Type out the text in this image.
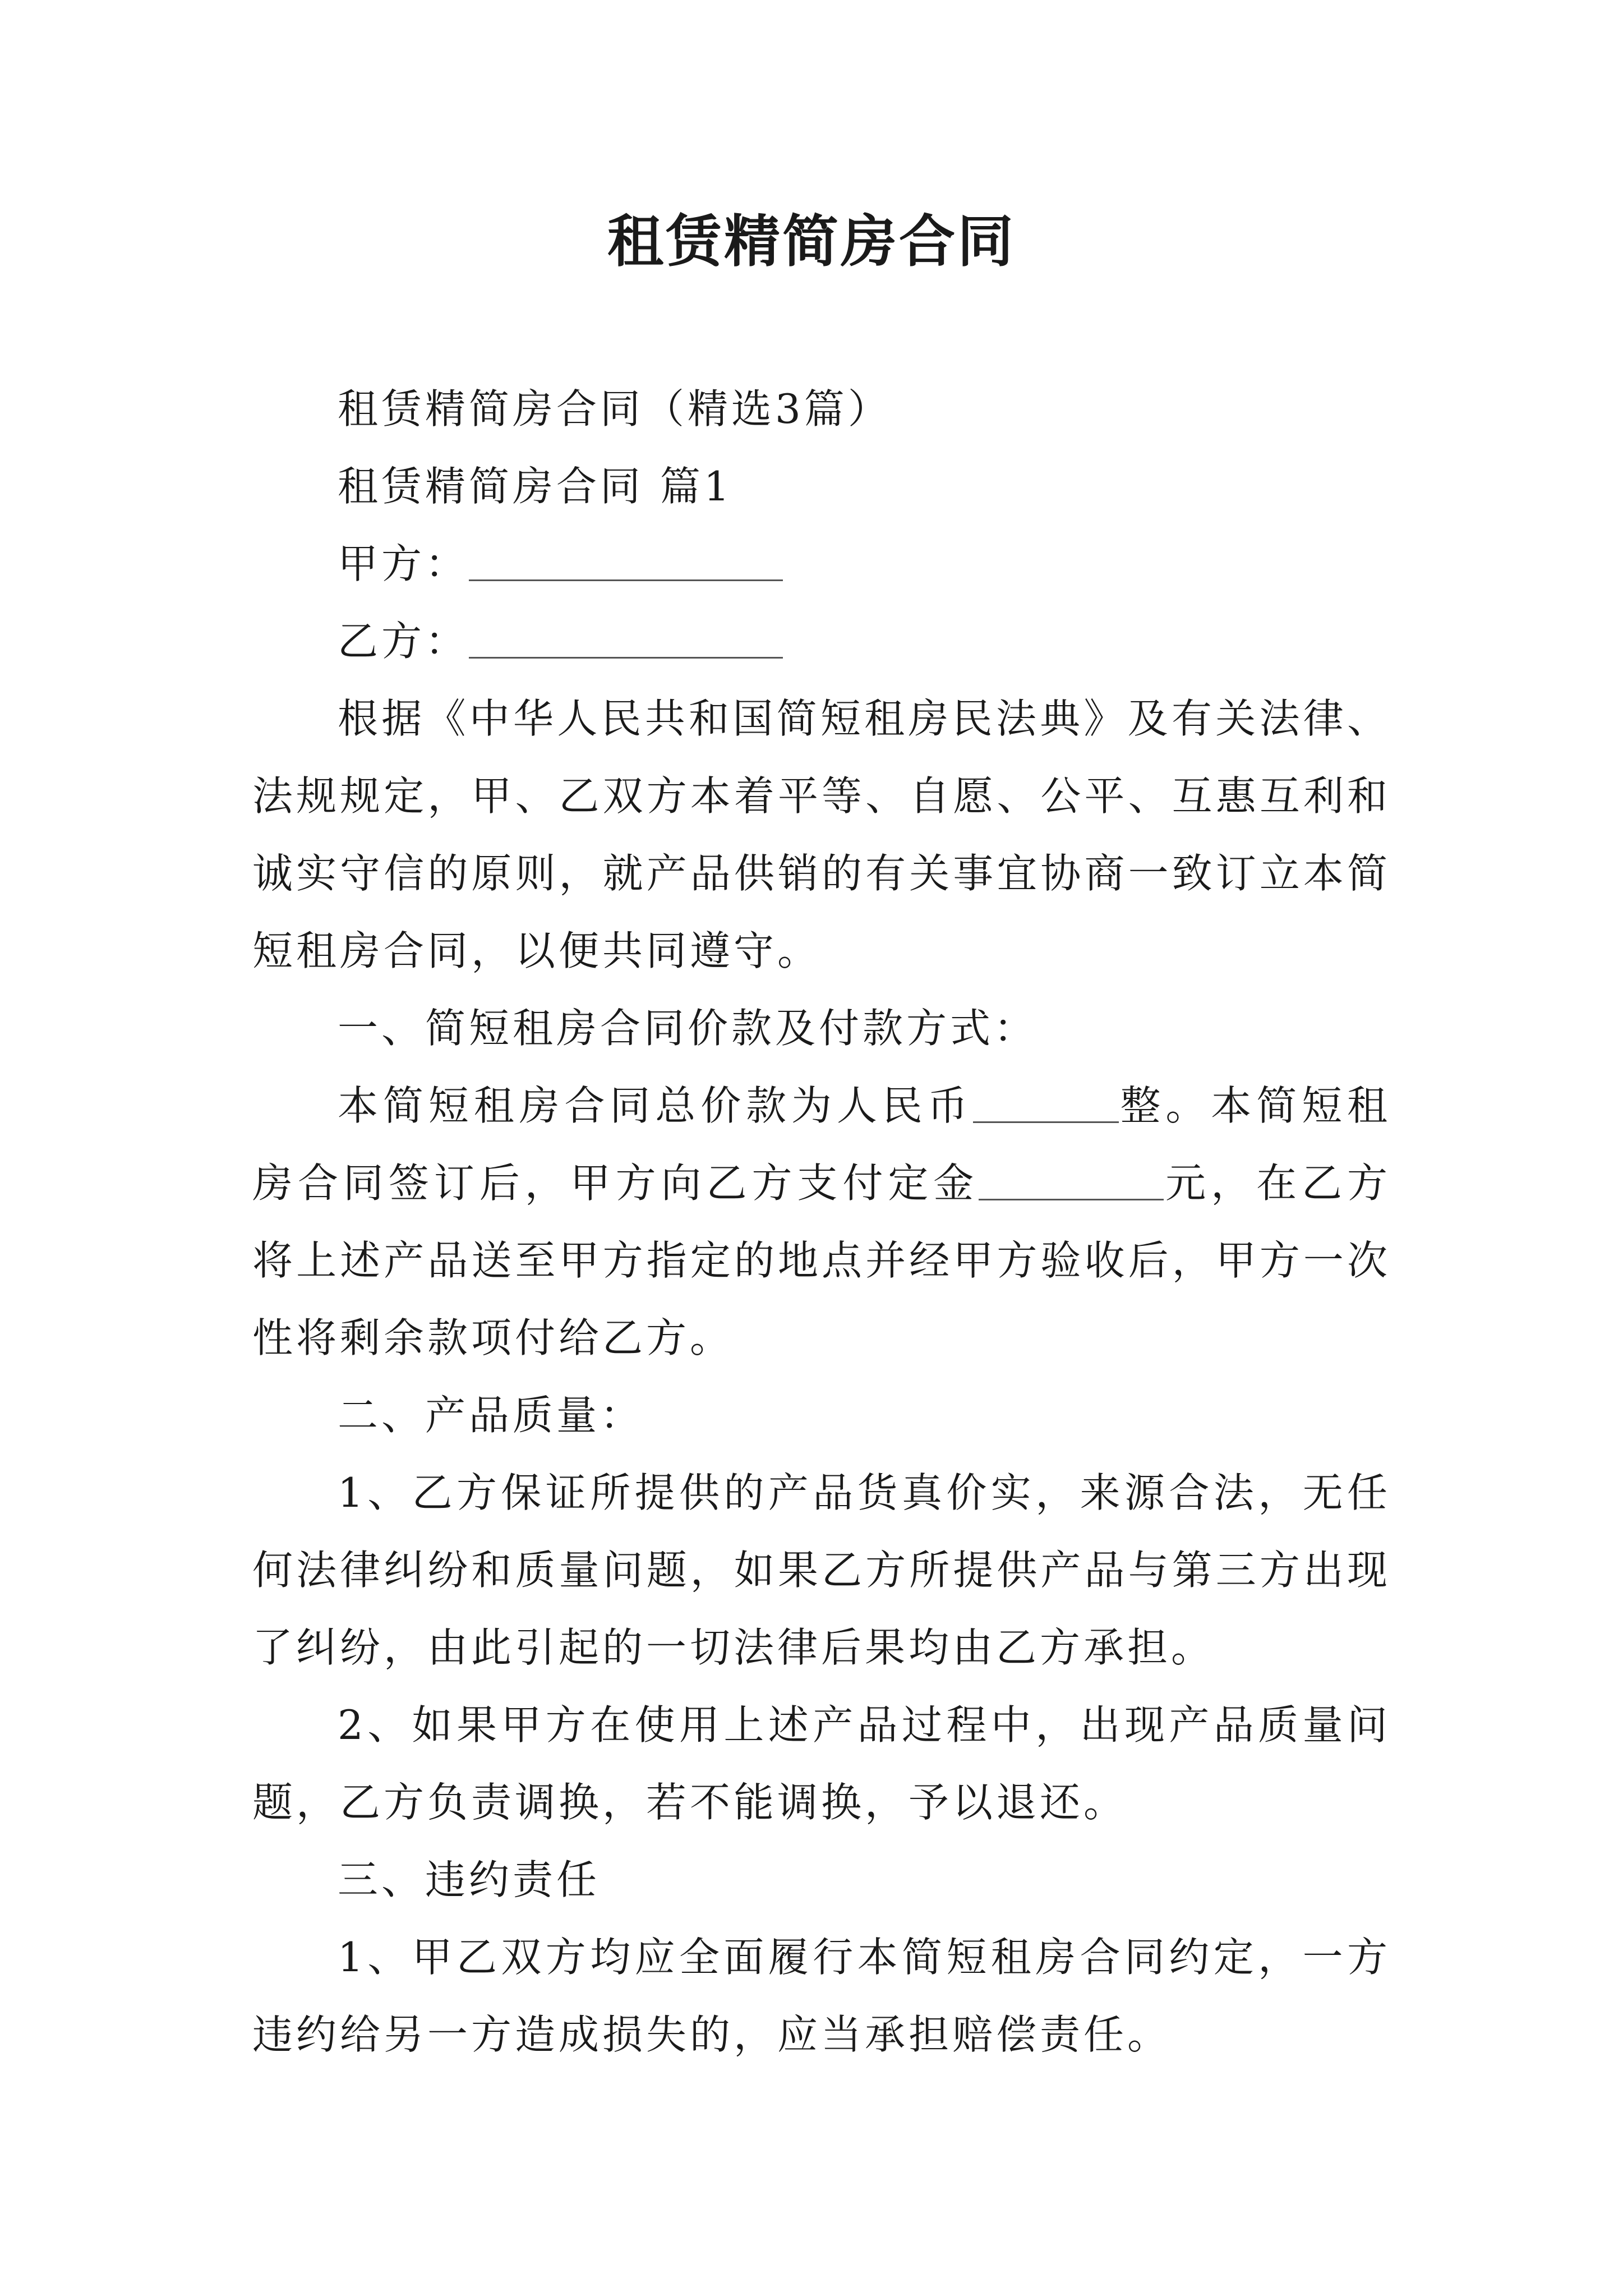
租赁精简房合同

租赁精简房合同（精选3篇）

租赁精简房合同 篇1

甲方：

乙方：

根据《中华人民共和国简短租房民法典》及有关法律、法规规定，甲、乙双方本着平等、自愿、公平、互惠互利和诚实守信的原则，就产品供销的有关事宜协商一致订立本简短租房合同，以便共同遵守。

一、简短租房合同价款及付款方式：

本简短租房合同总价款为人民币	整。本简短租房合同签订后，甲方向乙方支付定金	元，在乙方将上述产品送至甲方指定的地点并经甲方验收后，甲方一次性将剩余款项付给乙方。

二、产品质量：

1、乙方保证所提供的产品货真价实，来源合法，无任何法律纠纷和质量问题，如果乙方所提供产品与第三方出现了纠纷，由此引起的一切法律后果均由乙方承担。

2、如果甲方在使用上述产品过程中，出现产品质量问题，乙方负责调换，若不能调换，予以退还。

三、违约责任

1、甲乙双方均应全面履行本简短租房合同约定，一方违约给另一方造成损失的，应当承担赔偿责任。
